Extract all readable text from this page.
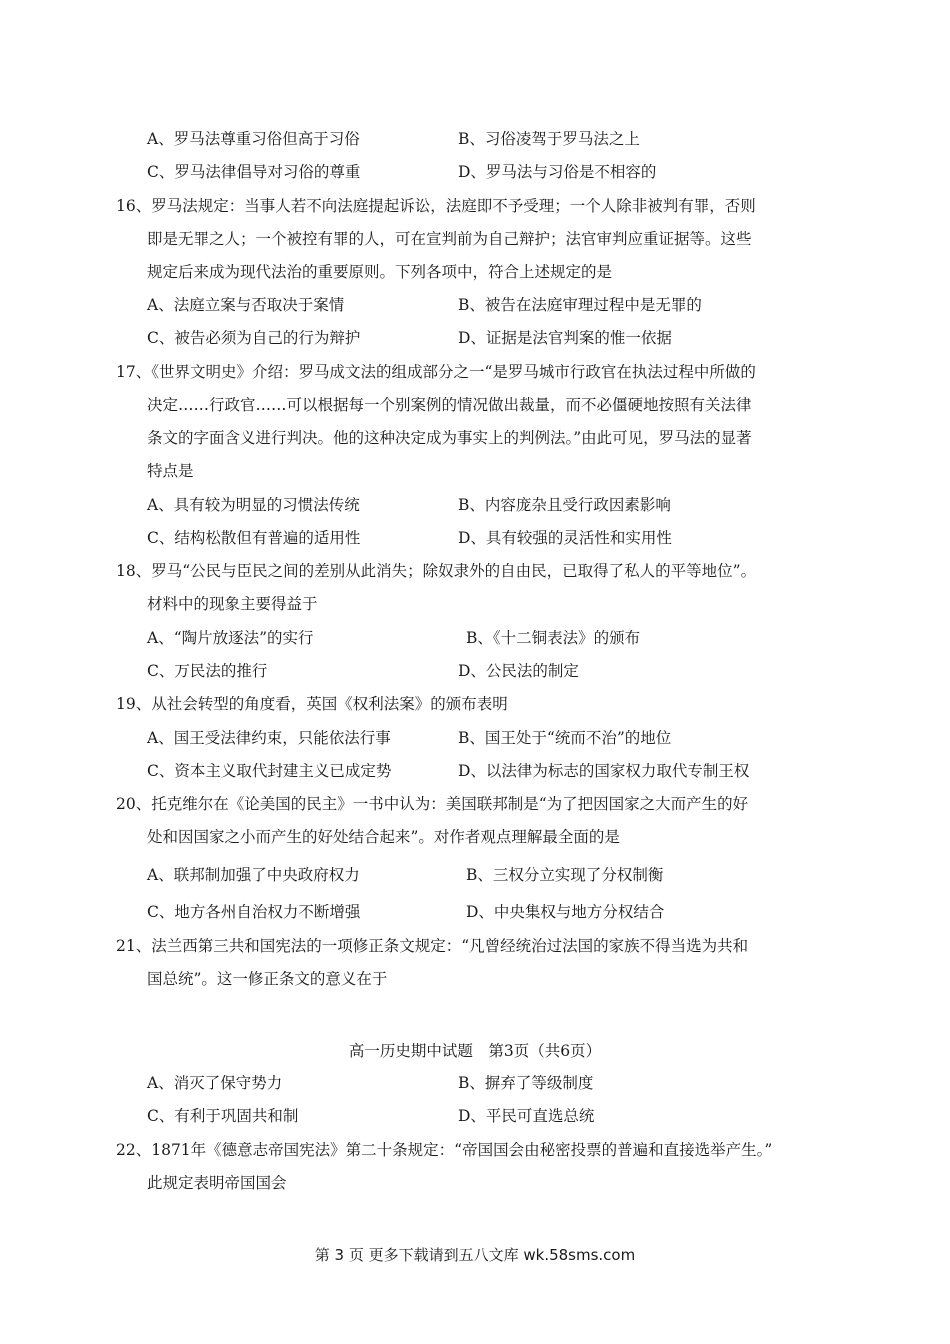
A、罗马法尊重习俗但高于习俗	B、习俗凌驾于罗马法之上
C、罗马法律倡导对习俗的尊重	D、罗马法与习俗是不相容的
16、罗马法规定：当事人若不向法庭提起诉讼，法庭即不予受理；一个人除非被判有罪，否则
即是无罪之人；一个被控有罪的人，可在宣判前为自己辩护；法官审判应重证据等。这些
规定后来成为现代法治的重要原则。下列各项中，符合上述规定的是
A、法庭立案与否取决于案情	B、被告在法庭审理过程中是无罪的
C、被告必须为自己的行为辩护	D、证据是法官判案的惟一依据
17、《世界文明史》介绍：罗马成文法的组成部分之一“是罗马城市行政官在执法过程中所做的
决定……行政官……可以根据每一个别案例的情况做出裁量，而不必僵硬地按照有关法律
条文的字面含义进行判决。他的这种决定成为事实上的判例法。”由此可见，罗马法的显著
特点是
A、具有较为明显的习惯法传统	B、内容庞杂且受行政因素影响
C、结构松散但有普遍的适用性	D、具有较强的灵活性和实用性
18、罗马“公民与臣民之间的差别从此消失；除奴隶外的自由民，已取得了私人的平等地位”。
材料中的现象主要得益于
A、“陶片放逐法”的实行	B、《十二铜表法》的颁布
C、万民法的推行	D、公民法的制定
19、从社会转型的角度看，英国《权利法案》的颁布表明
A、国王受法律约束，只能依法行事	B、国王处于“统而不治”的地位
C、资本主义取代封建主义已成定势	D、以法律为标志的国家权力取代专制王权
20、托克维尔在《论美国的民主》一书中认为：美国联邦制是“为了把因国家之大而产生的好
处和因国家之小而产生的好处结合起来”。对作者观点理解最全面的是
A、联邦制加强了中央政府权力	B、三权分立实现了分权制衡
C、地方各州自治权力不断增强	D、中央集权与地方分权结合
21、法兰西第三共和国宪法的一项修正条文规定：“凡曾经统治过法国的家族不得当选为共和
国总统”。这一修正条文的意义在于
高一历史期中试题　第3页（共6页）
A、消灭了保守势力	B、摒弃了等级制度
C、有利于巩固共和制	D、平民可直选总统
22、1871年《德意志帝国宪法》第二十条规定：“帝国国会由秘密投票的普遍和直接选举产生。”
此规定表明帝国国会
第 3 页 更多下载请到五八文库 wk.58sms.com
